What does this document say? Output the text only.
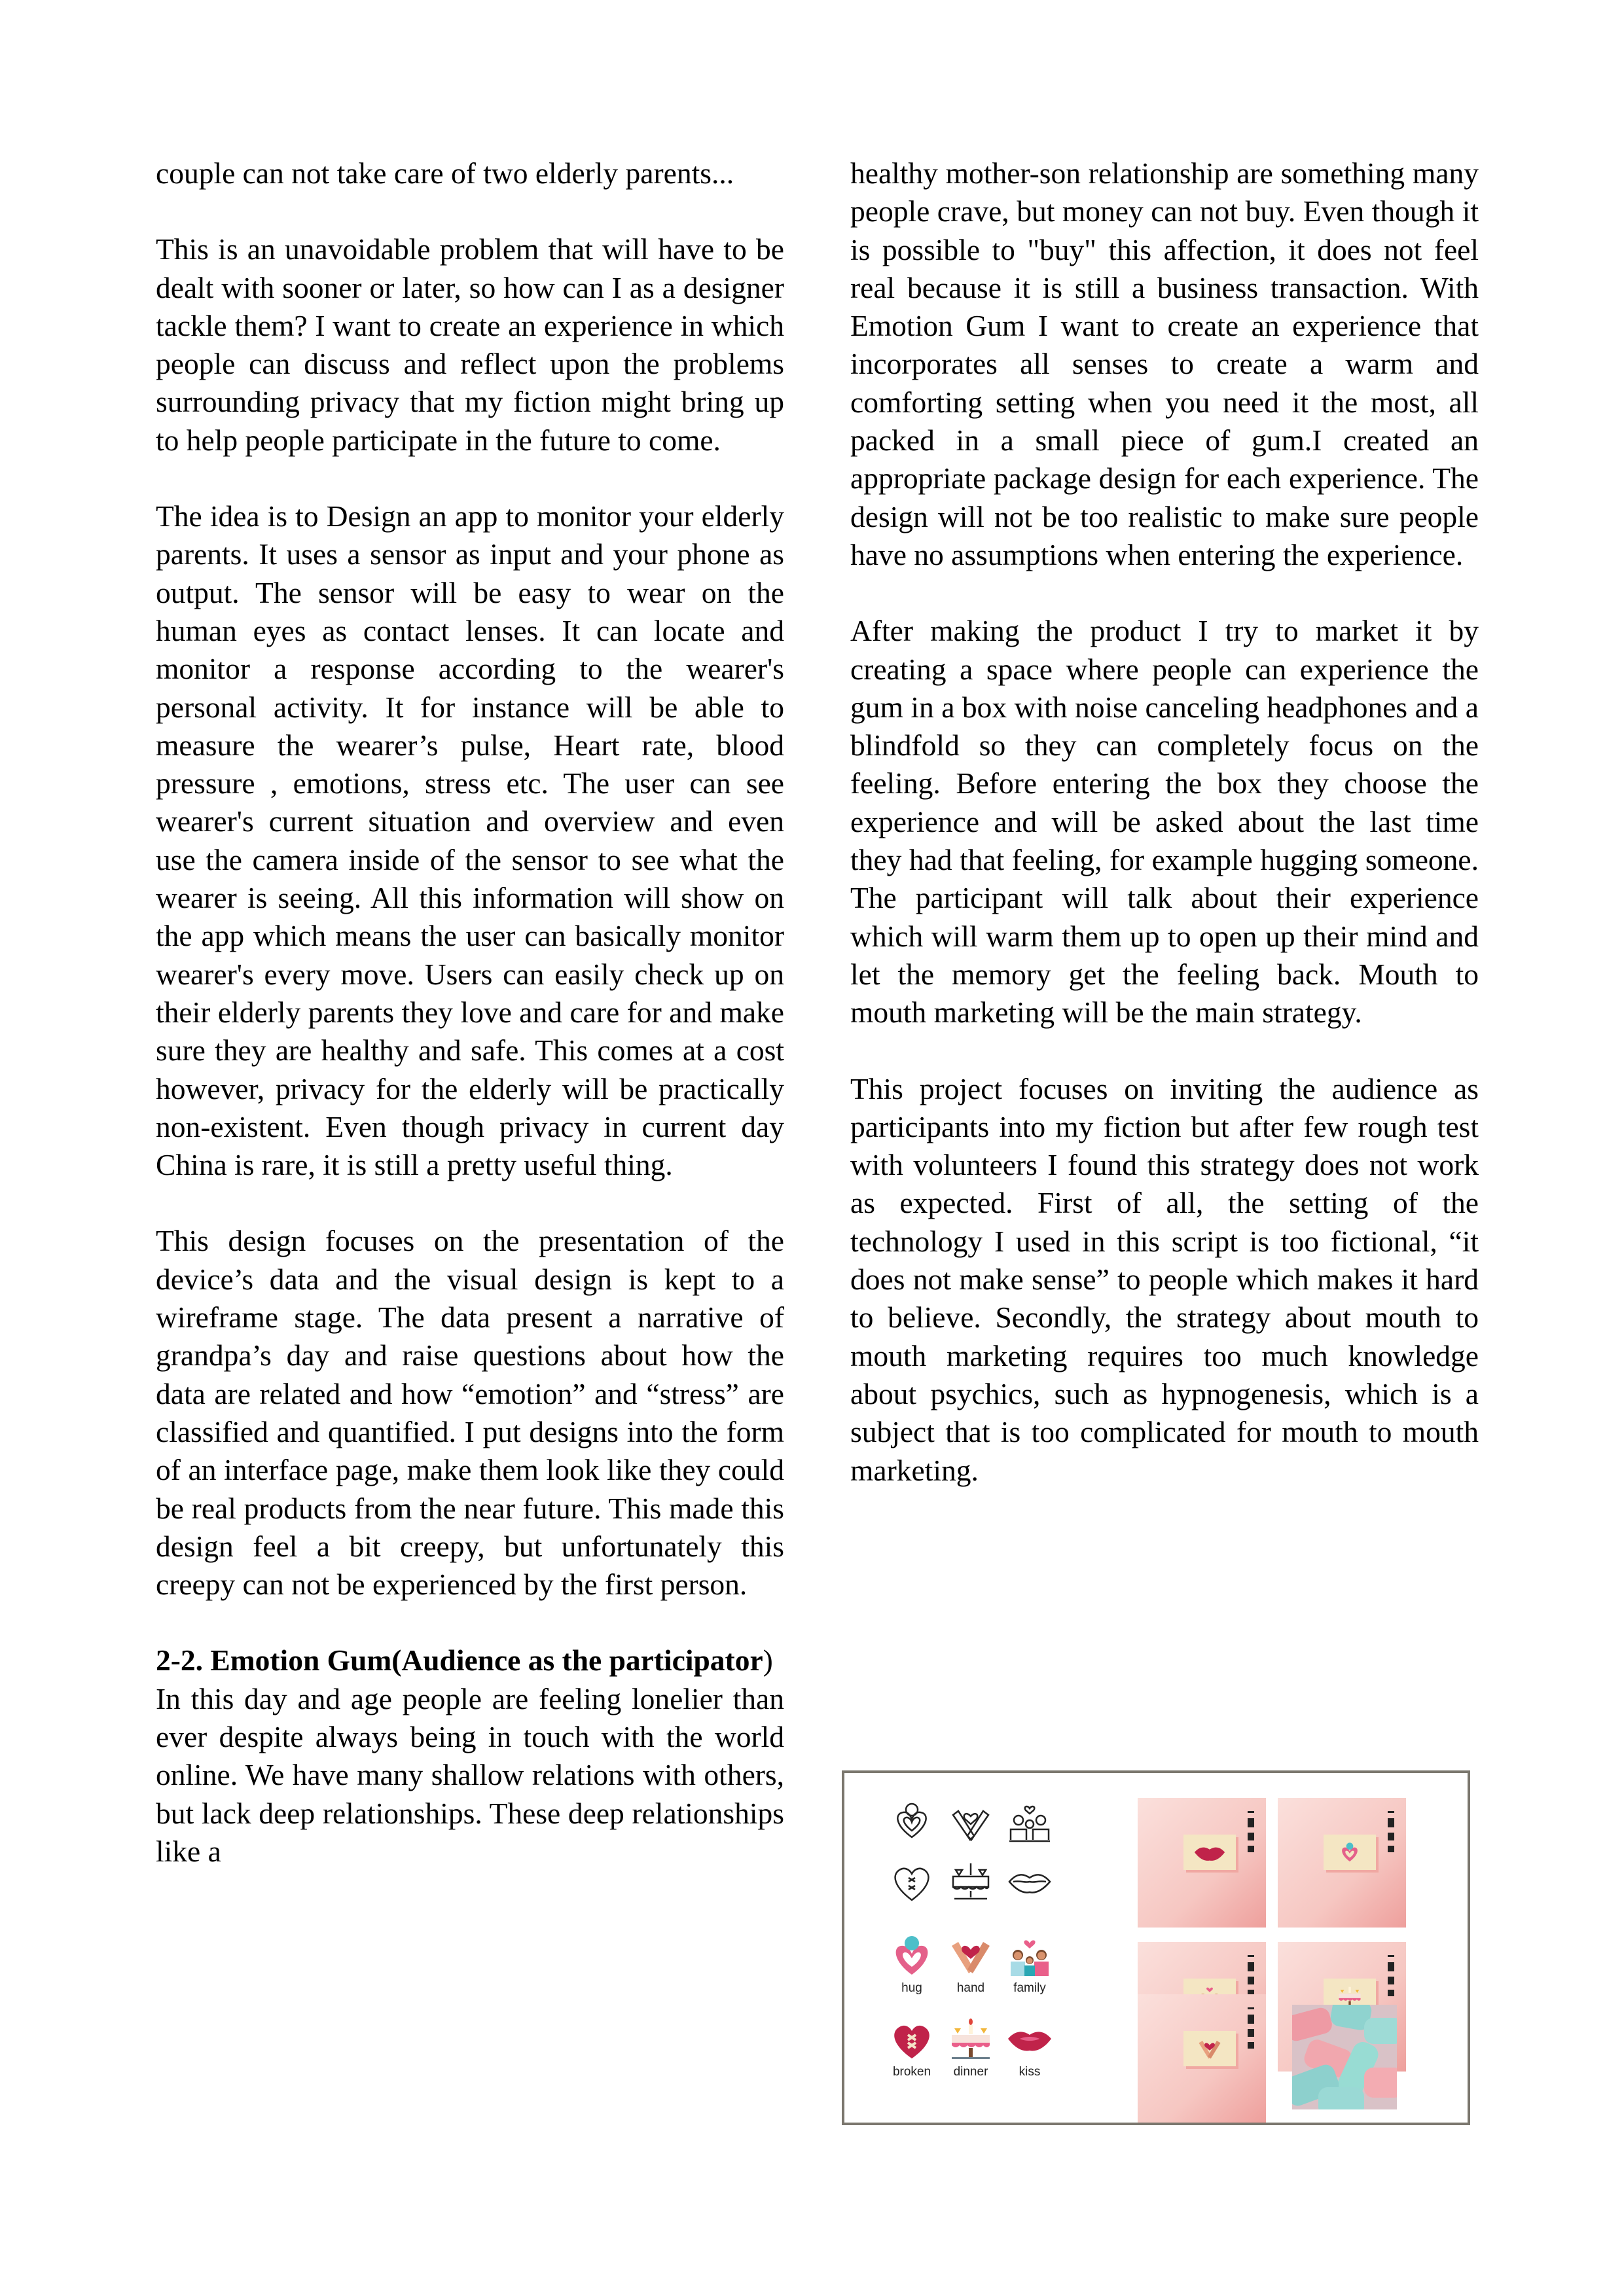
couple can not take care of two elderly parents...

This is an unavoidable problem that will have to be dealt with sooner or later, so how can I as a designer tackle them? I want to create an experience in which people can discuss and reflect upon the problems surrounding privacy that my fiction might bring up to help people participate in the future to come.

The idea is to Design an app to monitor your elderly parents. It uses a sensor as input and your phone as output. The sensor will be easy to wear on the human eyes as contact lenses. It can locate and monitor a response according to the wearer's personal activity. It for instance will be able to measure the wearer’s pulse, Heart rate, blood pressure , emotions, stress etc. The user can see wearer's current situation and overview and even use the camera inside of the sensor to see what the wearer is seeing. All this information will show on the app which means the user can basically monitor wearer's every move. Users can easily check up on their elderly parents they love and care for and make sure they are healthy and safe. This comes at a cost however, privacy for the elderly will be practically non-existent. Even though privacy in current day China is rare, it is still a pretty useful thing.

This design focuses on the presentation of the device’s data and the visual design is kept to a wireframe stage. The data present a narrative of grandpa’s day and raise questions about how the data are related and how “emotion” and “stress” are classified and quantified. I put designs into the form of an interface page, make them look like they could be real products from the near future. This made this design feel a bit creepy, but unfortunately this creepy can not be experienced by the first person.

2-2. Emotion Gum(Audience as the participator)

In this day and age people are feeling lonelier than ever despite always being in touch with the world online. We have many shallow relations with others, but lack deep relationships. These deep relationships like a

healthy mother-son relationship are something many people crave, but money can not buy. Even though it is possible to "buy" this affection, it does not feel real because it is still a business transaction. With Emotion Gum I want to create an experience that incorporates all senses to create a warm and comforting setting when you need it the most, all packed in a small piece of gum.I created an appropriate package design for each experience. The design will not be too realistic to make sure people have no assumptions when entering the experience.

After making the product I try to market it by creating a space where people can experience the gum in a box with noise canceling headphones and a blindfold so they can completely focus on the feeling. Before entering the box they choose the experience and will be asked about the last time they had that feeling, for example hugging someone. The participant will talk about their experience which will warm them up to open up their mind and let the memory get the feeling back. Mouth to mouth marketing will be the main strategy.

This project focuses on inviting the audience as participants into my fiction but after few rough test with volunteers I found this strategy does not work as expected. First of all, the setting of the technology I used in this script is too fictional, “it does not make sense” to people which makes it hard to believe. Secondly, the strategy about mouth to mouth marketing requires too much knowledge about psychics, such as hypnogenesis, which is a subject that is too complicated for mouth to mouth marketing.

hug	hand	family
broken	dinner	kiss
